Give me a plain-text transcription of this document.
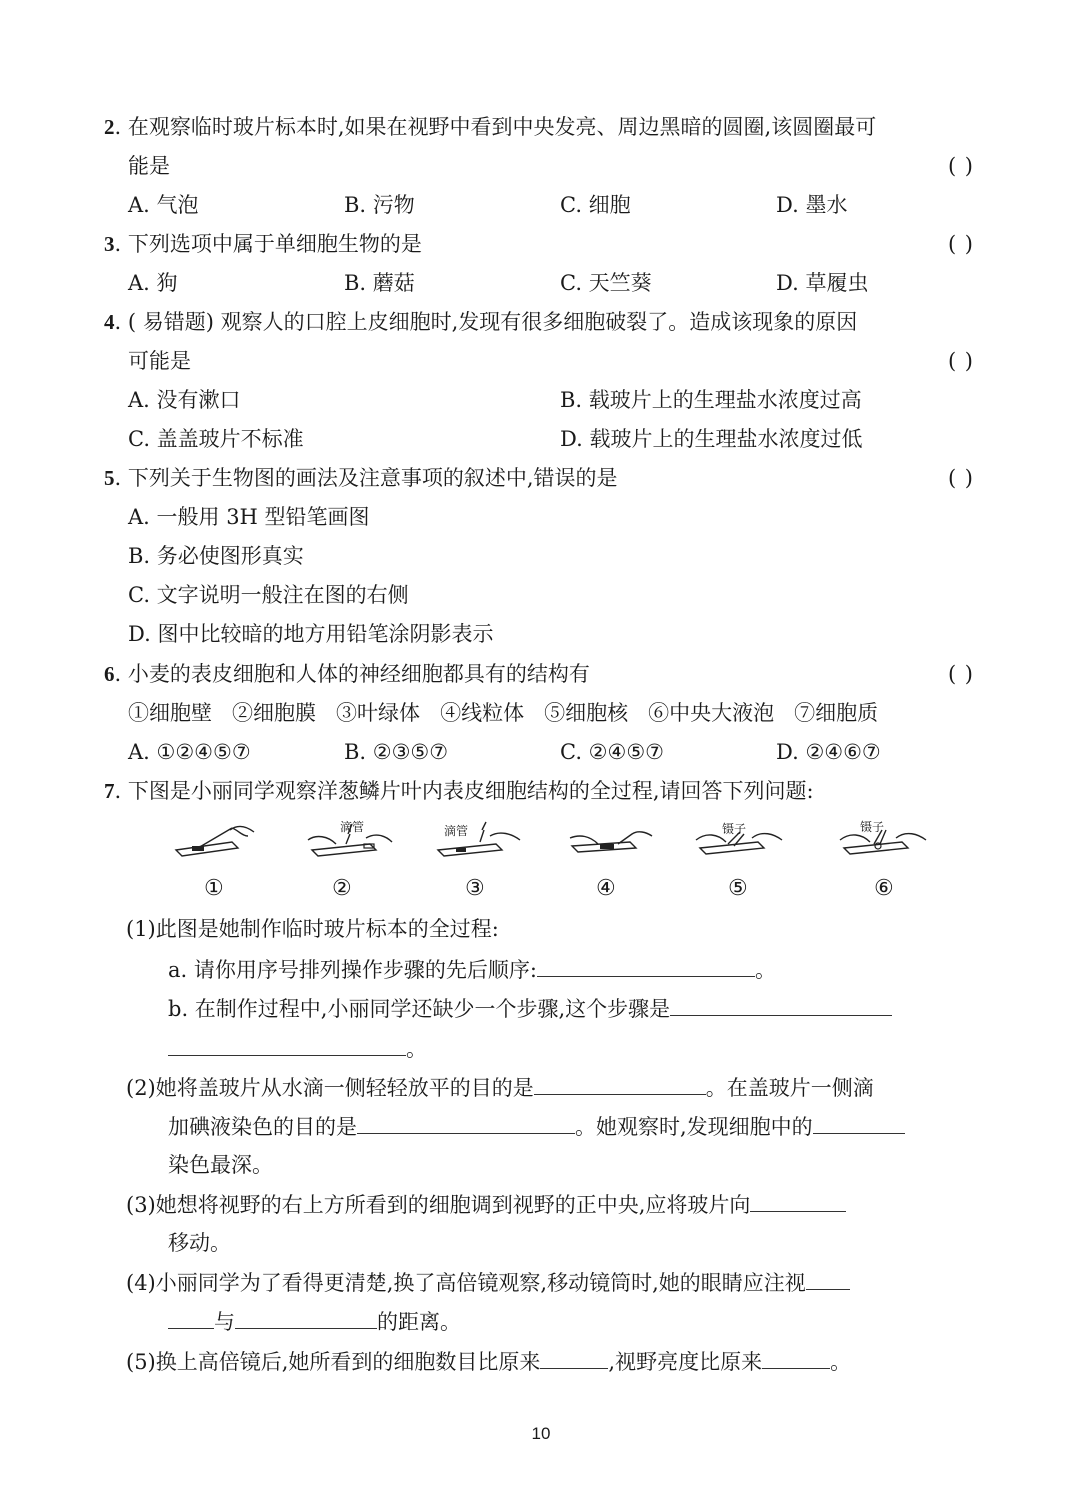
2. 在观察临时玻片标本时,如果在视野中看到中央发亮、周边黑暗的圆圈,该圆圈最可
能是	( )
A. 气泡	B. 污物	C. 细胞	D. 墨水
3. 下列选项中属于单细胞生物的是	( )
A. 狗	B. 蘑菇	C. 天竺葵	D. 草履虫
4. ( 易错题) 观察人的口腔上皮细胞时,发现有很多细胞破裂了。造成该现象的原因
可能是	( )
A. 没有漱口	B. 载玻片上的生理盐水浓度过高
C. 盖盖玻片不标准	D. 载玻片上的生理盐水浓度过低
5. 下列关于生物图的画法及注意事项的叙述中,错误的是	( )
A. 一般用 3H 型铅笔画图
B. 务必使图形真实
C. 文字说明一般注在图的右侧
D. 图中比较暗的地方用铅笔涂阴影表示
6. 小麦的表皮细胞和人体的神经细胞都具有的结构有	( )
①细胞壁   ②细胞膜   ③叶绿体   ④线粒体   ⑤细胞核   ⑥中央大液泡   ⑦细胞质
A. ①②④⑤⑦	B. ②③⑤⑦	C. ②④⑤⑦	D. ②④⑥⑦
7. 下图是小丽同学观察洋葱鳞片叶内表皮细胞结构的全过程,请回答下列问题:
滴管	滴管	镊子	镊子
①	②	③	④	⑤	⑥
(1)此图是她制作临时玻片标本的全过程:
a. 请你用序号排列操作步骤的先后顺序:	。
b. 在制作过程中,小丽同学还缺少一个步骤,这个步骤是
。
(2)她将盖玻片从水滴一侧轻轻放平的目的是	。在盖玻片一侧滴
加碘液染色的目的是	。她观察时,发现细胞中的
染色最深。
(3)她想将视野的右上方所看到的细胞调到视野的正中央,应将玻片向
移动。
(4)小丽同学为了看得更清楚,换了高倍镜观察,移动镜筒时,她的眼睛应注视
与	的距离。
(5)换上高倍镜后,她所看到的细胞数目比原来	,视野亮度比原来	。
10
